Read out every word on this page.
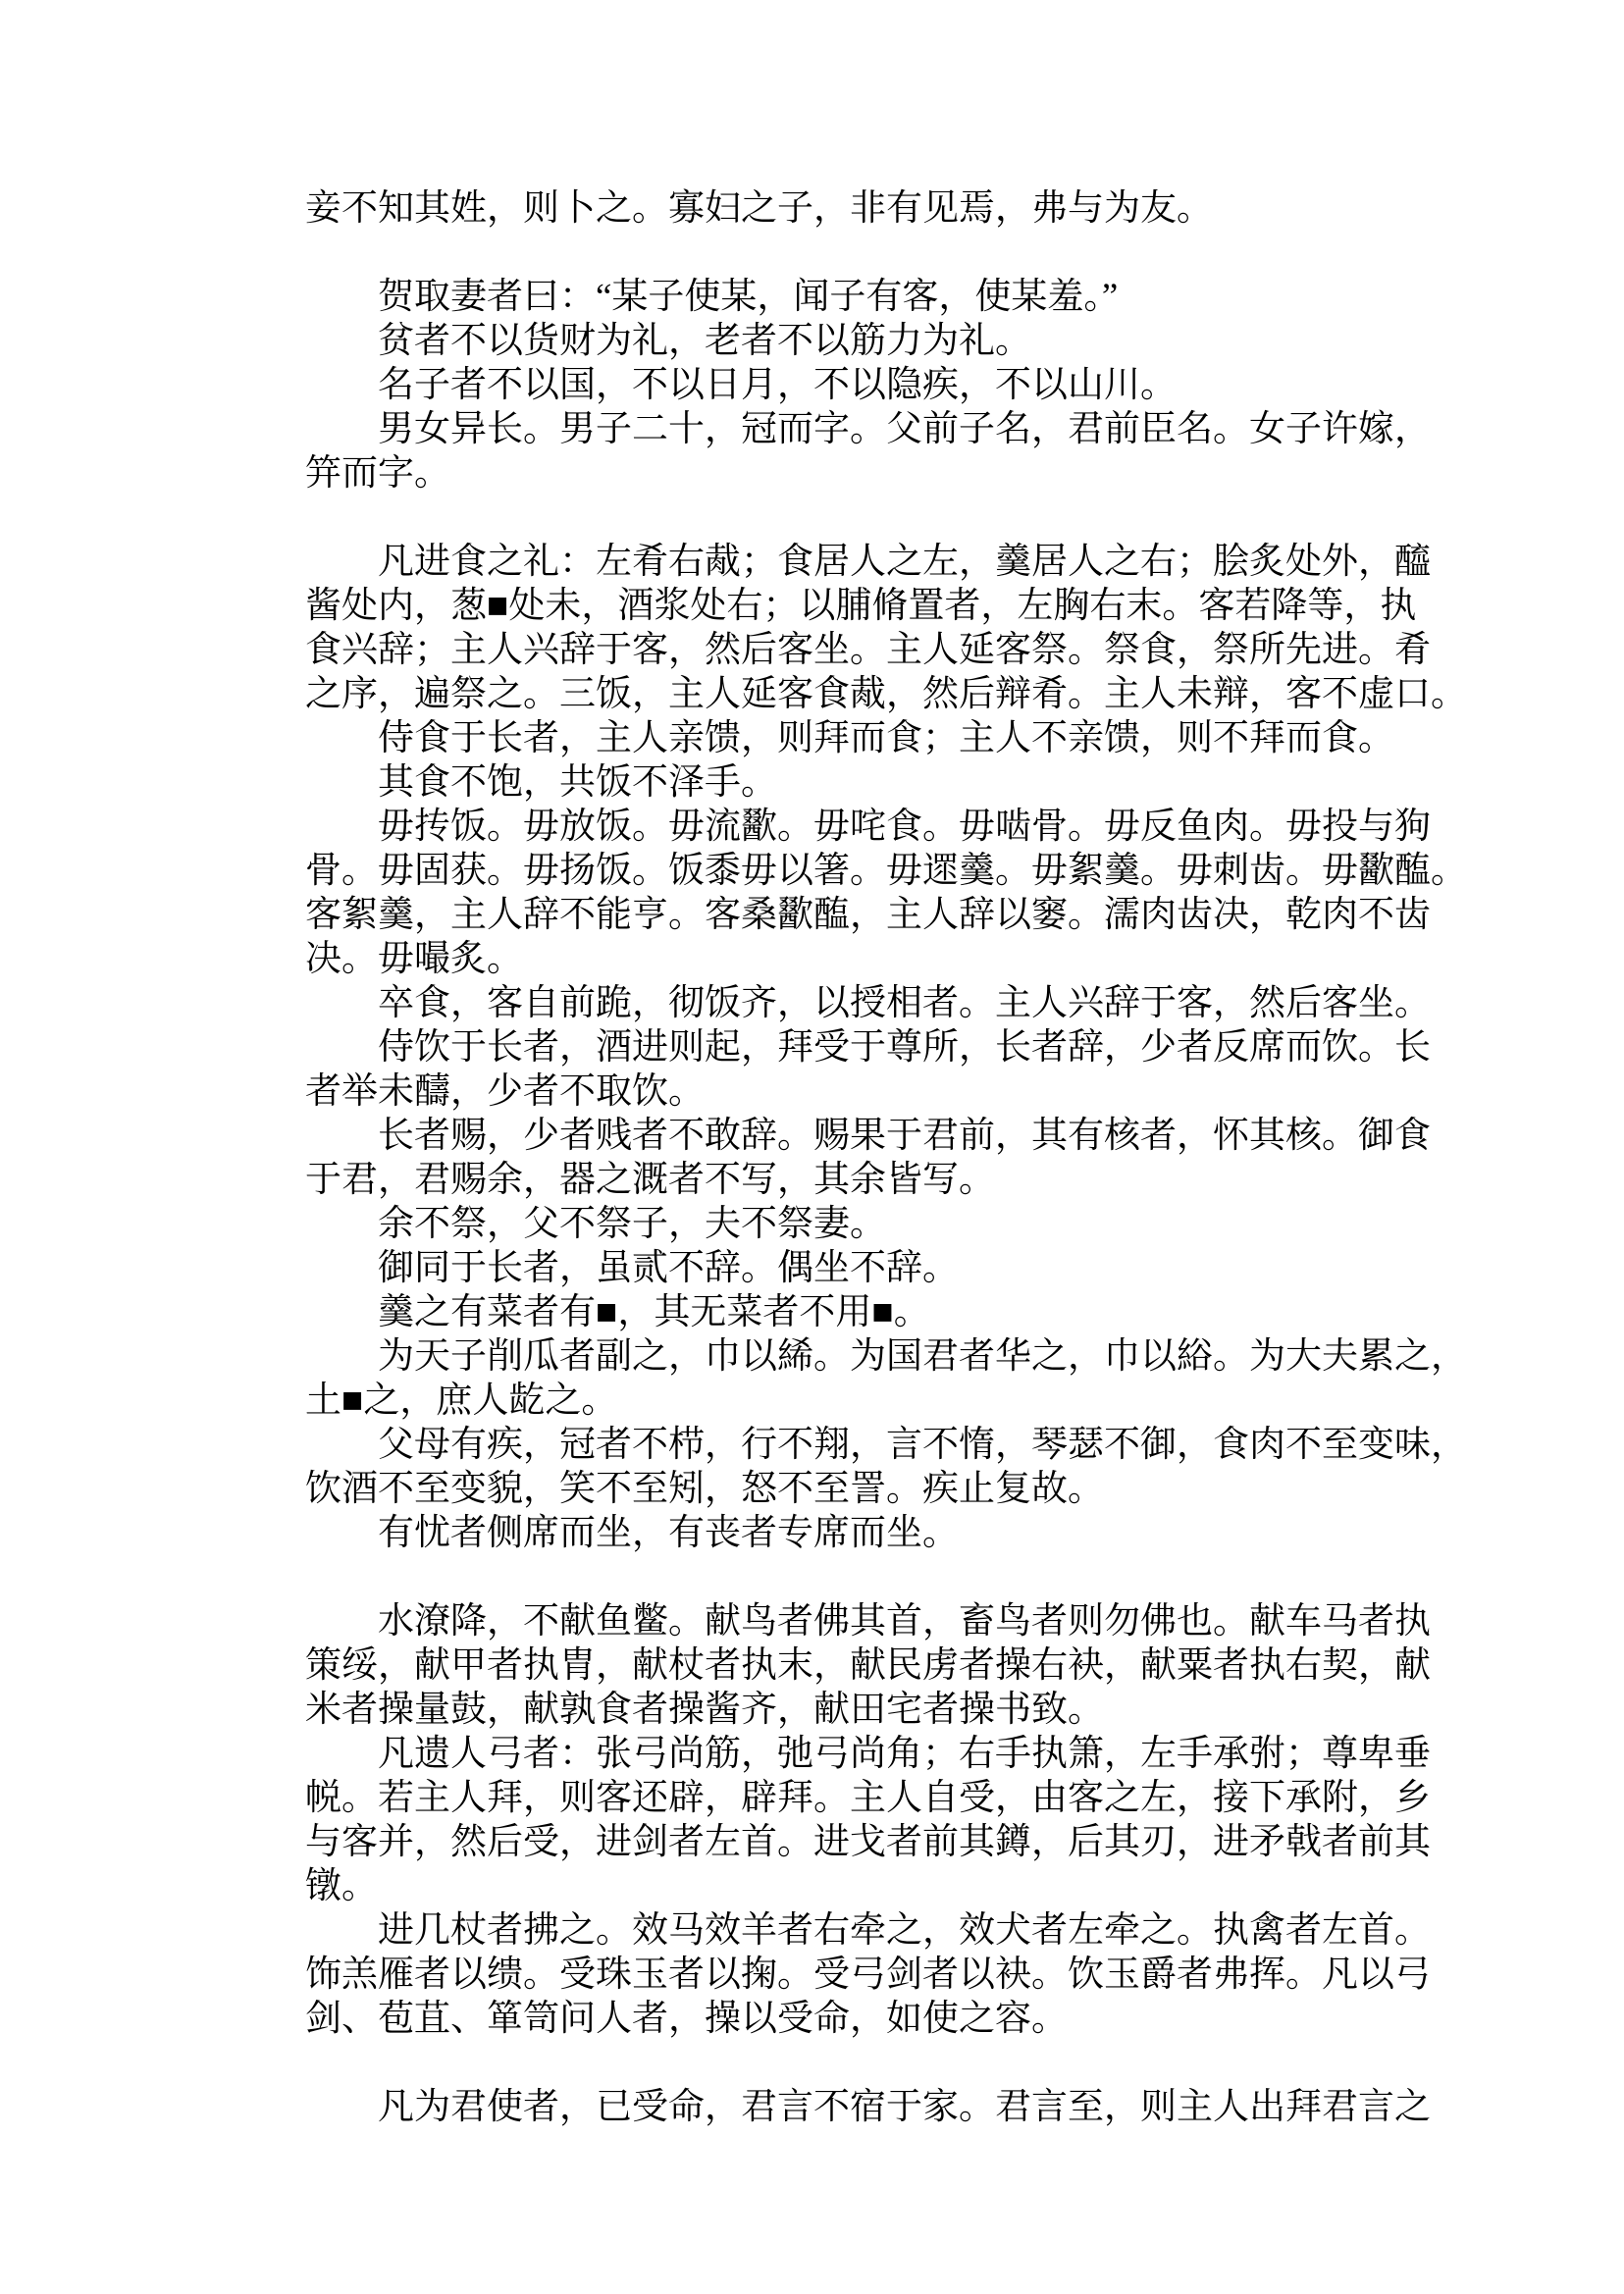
妾不知其姓，则卜之。寡妇之子，非有见焉，弗与为友。
贺取妻者曰：“某子使某，闻子有客，使某羞。”
贫者不以货财为礼，老者不以筋力为礼。
名子者不以国，不以日月，不以隐疾，不以山川。
男女异长。男子二十，冠而字。父前子名，君前臣名。女子许嫁，
笄而字。
凡进食之礼：左肴右胾；食居人之左，羹居人之右；脍炙处外，醯
酱处内，葱■处未，酒浆处右；以脯脩置者，左胸右末。客若降等，执
食兴辞；主人兴辞于客，然后客坐。主人延客祭。祭食，祭所先进。肴
之序，遍祭之。三饭，主人延客食胾，然后辩肴。主人未辩，客不虚口。
侍食于长者，主人亲馈，则拜而食；主人不亲馈，则不拜而食。
其食不饱，共饭不泽手。
毋抟饭。毋放饭。毋流歠。毋咤食。毋啮骨。毋反鱼肉。毋投与狗
骨。毋固获。毋扬饭。饭黍毋以箸。毋遝羹。毋絮羹。毋刺齿。毋歠醢。
客絮羹，主人辞不能亨。客桑歠醢，主人辞以窭。濡肉齿决，乾肉不齿
决。毋嘬炙。
卒食，客自前跪，彻饭齐，以授相者。主人兴辞于客，然后客坐。
侍饮于长者，酒进则起，拜受于尊所，长者辞，少者反席而饮。长
者举未醻，少者不取饮。
长者赐，少者贱者不敢辞。赐果于君前，其有核者，怀其核。御食
于君，君赐余，器之溉者不写，其余皆写。
余不祭，父不祭子，夫不祭妻。
御同于长者，虽贰不辞。偶坐不辞。
羹之有菜者有■，其无菜者不用■。
为天子削瓜者副之，巾以絺。为国君者华之，巾以綌。为大夫累之，
土■之，庶人龁之。
父母有疾，冠者不栉，行不翔，言不惰，琴瑟不御，食肉不至变味，
饮酒不至变貌，笑不至矧，怒不至詈。疾止复故。
有忧者侧席而坐，有丧者专席而坐。
水潦降，不献鱼鳖。献鸟者佛其首，畜鸟者则勿佛也。献车马者执
策绥，献甲者执胄，献杖者执末，献民虏者操右袂，献粟者执右契，献
米者操量鼓，献孰食者操酱齐，献田宅者操书致。
凡遗人弓者：张弓尚筋，弛弓尚角；右手执箫，左手承弣；尊卑垂
帨。若主人拜，则客还辟，辟拜。主人自受，由客之左，接下承附，乡
与客并，然后受，进剑者左首。进戈者前其鐏，后其刃，进矛戟者前其
镦。
进几杖者拂之。效马效羊者右牵之，效犬者左牵之。执禽者左首。
饰羔雁者以缋。受珠玉者以掬。受弓剑者以袂。饮玉爵者弗挥。凡以弓
剑、苞苴、箪笥问人者，操以受命，如使之容。
凡为君使者，已受命，君言不宿于家。君言至，则主人出拜君言之
